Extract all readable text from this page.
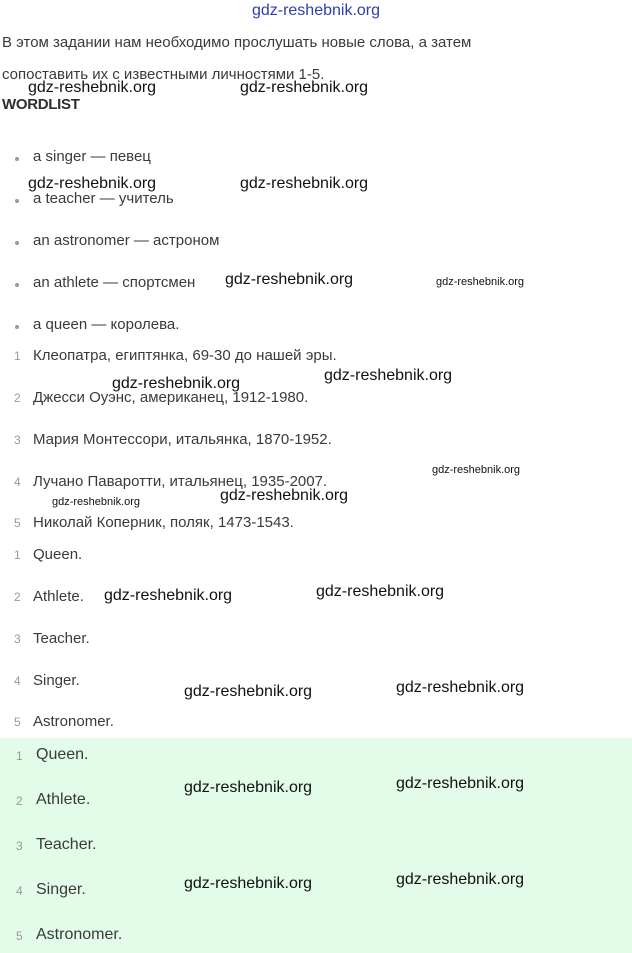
gdz-reshebnik.org
В этом задании нам необходимо прослушать новые слова, а затем
сопоставить их с известными личностями 1-5.
WORDLIST
a singer — певец
a teacher — учитель
an astronomer — астроном
an athlete — спортсмен
a queen — королева.
1 Клеопатра, египтянка, 69-30 до нашей эры.
2 Джесси Оуэнс, американец, 1912-1980.
3 Мария Монтессори, итальянка, 1870-1952.
4 Лучано Паваротти, итальянец, 1935-2007.
5 Николай Коперник, поляк, 1473-1543.
1 Queen.
2 Athlete.
3 Teacher.
4 Singer.
5 Astronomer.
1 Queen.
2 Athlete.
3 Teacher.
4 Singer.
5 Astronomer.
gdz-reshebnik.org	gdz-reshebnik.org
gdz-reshebnik.org	gdz-reshebnik.org
gdz-reshebnik.org	gdz-reshebnik.org
gdz-reshebnik.org	gdz-reshebnik.org
gdz-reshebnik.org
gdz-reshebnik.org	gdz-reshebnik.org
gdz-reshebnik.org	gdz-reshebnik.org
gdz-reshebnik.org	gdz-reshebnik.org
gdz-reshebnik.org	gdz-reshebnik.org
gdz-reshebnik.org	gdz-reshebnik.org
